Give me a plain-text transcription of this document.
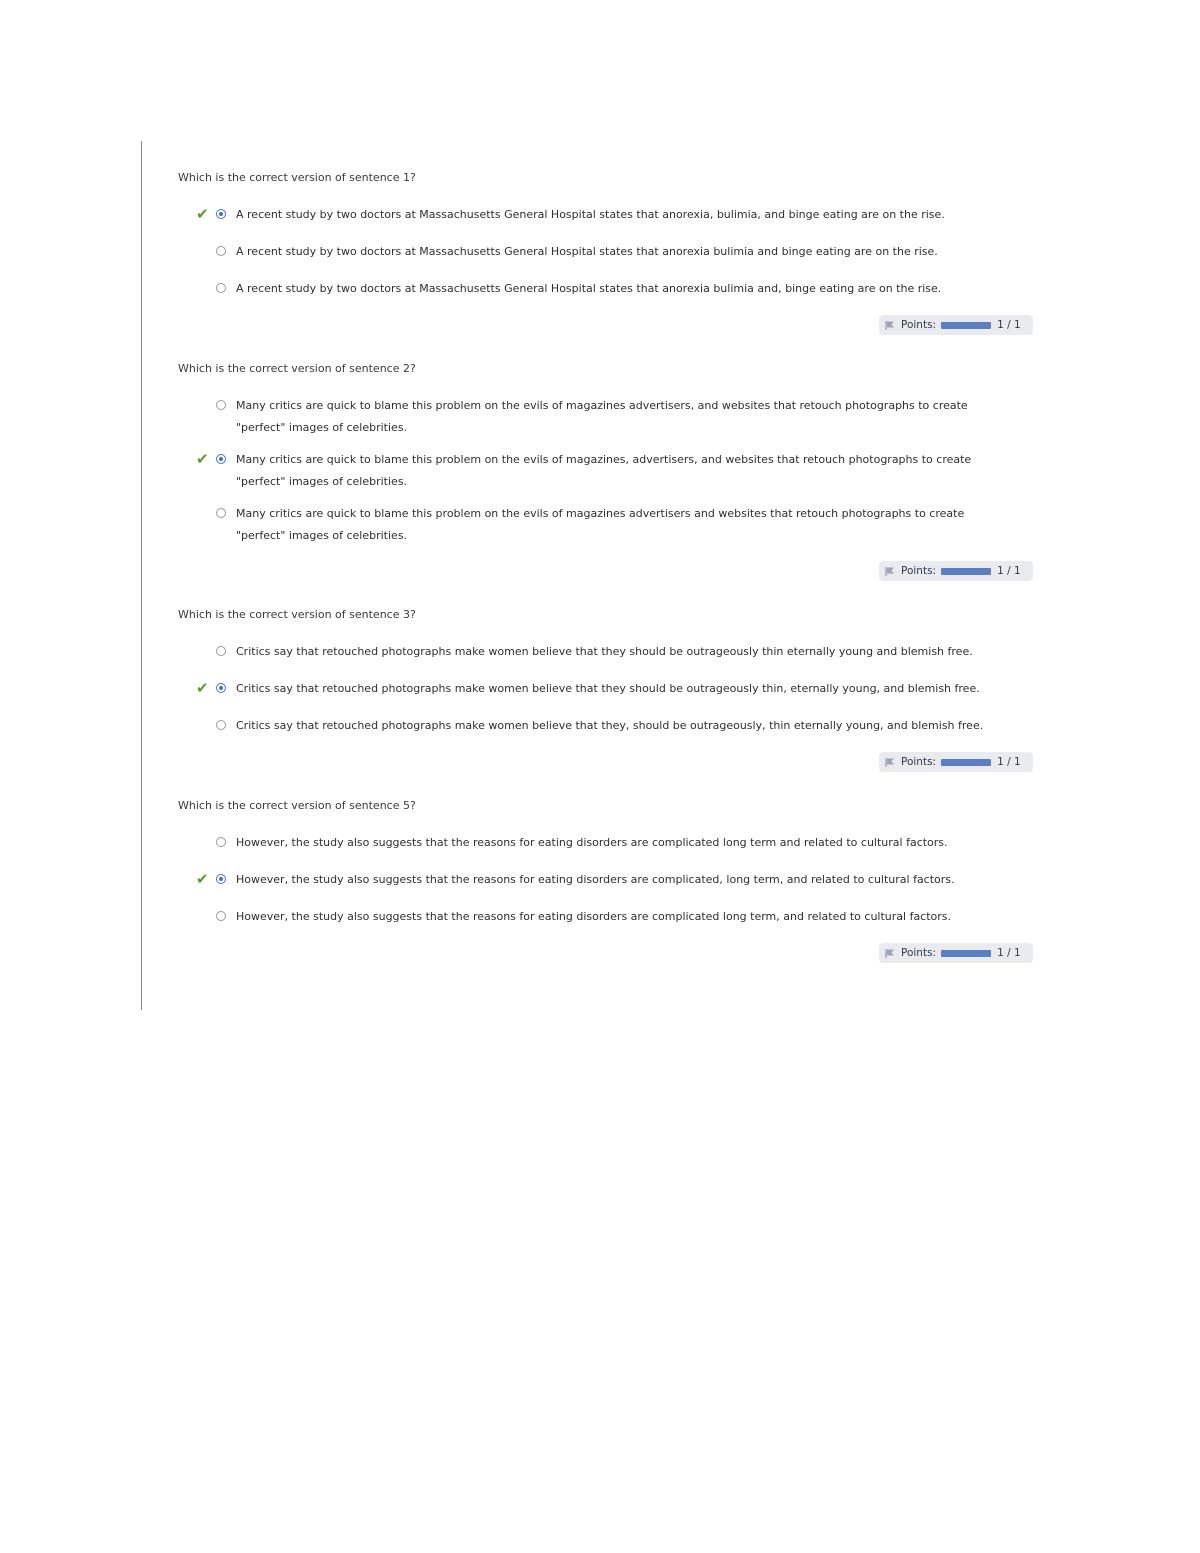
Which is the correct version of sentence 1?
✔ A recent study by two doctors at Massachusetts General Hospital states that anorexia, bulimia, and binge eating are on the rise.
A recent study by two doctors at Massachusetts General Hospital states that anorexia bulimia and binge eating are on the rise.
A recent study by two doctors at Massachusetts General Hospital states that anorexia bulimia and, binge eating are on the rise.
Points:	1 / 1
Which is the correct version of sentence 2?
Many critics are quick to blame this problem on the evils of magazines advertisers, and websites that retouch photographs to create "perfect" images of celebrities.
✔ Many critics are quick to blame this problem on the evils of magazines, advertisers, and websites that retouch photographs to create "perfect" images of celebrities.
Many critics are quick to blame this problem on the evils of magazines advertisers and websites that retouch photographs to create "perfect" images of celebrities.
Points:	1 / 1
Which is the correct version of sentence 3?
Critics say that retouched photographs make women believe that they should be outrageously thin eternally young and blemish free.
✔ Critics say that retouched photographs make women believe that they should be outrageously thin, eternally young, and blemish free.
Critics say that retouched photographs make women believe that they, should be outrageously, thin eternally young, and blemish free.
Points:	1 / 1
Which is the correct version of sentence 5?
However, the study also suggests that the reasons for eating disorders are complicated long term and related to cultural factors.
✔ However, the study also suggests that the reasons for eating disorders are complicated, long term, and related to cultural factors.
However, the study also suggests that the reasons for eating disorders are complicated long term, and related to cultural factors.
Points:	1 / 1
